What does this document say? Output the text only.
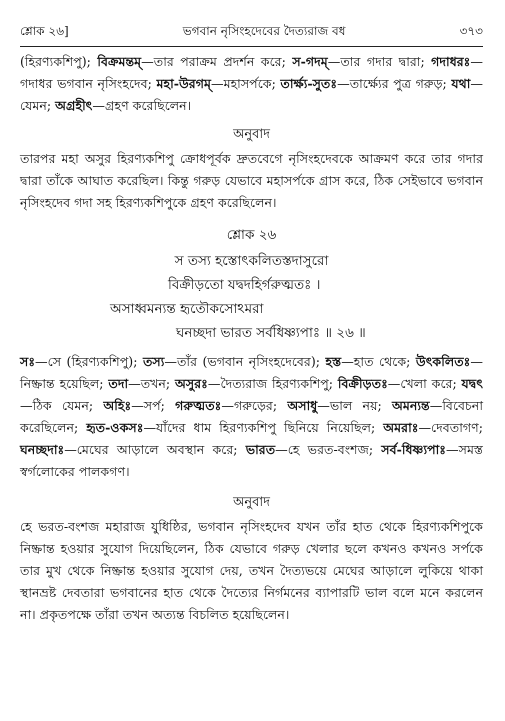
শ্লোক ২৬]	ভগবান নৃসিংহদেবের দৈত্যরাজ বধ	৩৭৩
(হিরণ্যকশিপু); বিক্রমন্তম্—তার পরাক্রম প্রদর্শন করে; স-গদম্—তার গদার দ্বারা; গদাধরঃ—গদাধর ভগবান নৃসিংহদেব; মহা-উরগম্—মহাসর্পকে; তার্ক্ষ্য-সুতঃ—তার্ক্ষ্যের পুত্র গরুড়; যথা—যেমন; অগ্রহীৎ—গ্রহণ করেছিলেন।
অনুবাদ
তারপর মহা অসুর হিরণ্যকশিপু ক্রোধপূর্বক দ্রুতবেগে নৃসিংহদেবকে আক্রমণ করে তার গদার দ্বারা তাঁকে আঘাত করেছিল। কিন্তু গরুড় যেভাবে মহাসর্পকে গ্রাস করে, ঠিক সেইভাবে ভগবান নৃসিংহদেব গদা সহ হিরণ্যকশিপুকে গ্রহণ করেছিলেন।
শ্লোক ২৬
স তস্য হস্তোৎকলিতস্তদাসুরো
বিক্রীড়তো যদ্বদহির্গরুত্মতঃ ।
অসাধ্বমন্যন্ত হৃতৌকসোঽমরা
ঘনচ্ছদা ভারত সর্বধিষ্ণ্যপাঃ ॥ ২৬ ॥
সঃ—সে (হিরণ্যকশিপু); তস্য—তাঁর (ভগবান নৃসিংহদেবের); হস্ত—হাত থেকে; উৎকলিতঃ—নিষ্ক্রান্ত হয়েছিল; তদা—তখন; অসুরঃ—দৈত্যরাজ হিরণ্যকশিপু; বিক্রীড়তঃ—খেলা করে; যদ্বৎ—ঠিক যেমন; অহিঃ—সর্প; গরুত্মতঃ—গরুড়ের; অসাধু—ভাল নয়; অমন্যন্ত—বিবেচনা করেছিলেন; হৃত-ওকসঃ—যাঁদের ধাম হিরণ্যকশিপু ছিনিয়ে নিয়েছিল; অমরাঃ—দেবতাগণ; ঘনচ্ছদাঃ—মেঘের আড়ালে অবস্থান করে; ভারত—হে ভরত-বংশজ; সর্ব-ধিষ্ণ্যপাঃ—সমস্ত স্বর্গলোকের পালকগণ।
অনুবাদ
হে ভরত-বংশজ মহারাজ যুধিষ্ঠির, ভগবান নৃসিংহদেব যখন তাঁর হাত থেকে হিরণ্যকশিপুকে নিষ্ক্রান্ত হওয়ার সুযোগ দিয়েছিলেন, ঠিক যেভাবে গরুড় খেলার ছলে কখনও কখনও সর্পকে তার মুখ থেকে নিষ্ক্রান্ত হওয়ার সুযোগ দেয়, তখন দৈত্যভয়ে মেঘের আড়ালে লুকিয়ে থাকা স্থানভ্রষ্ট দেবতারা ভগবানের হাত থেকে দৈত্যের নির্গমনের ব্যাপারটি ভাল বলে মনে করলেন না। প্রকৃতপক্ষে তাঁরা তখন অত্যন্ত বিচলিত হয়েছিলেন।
